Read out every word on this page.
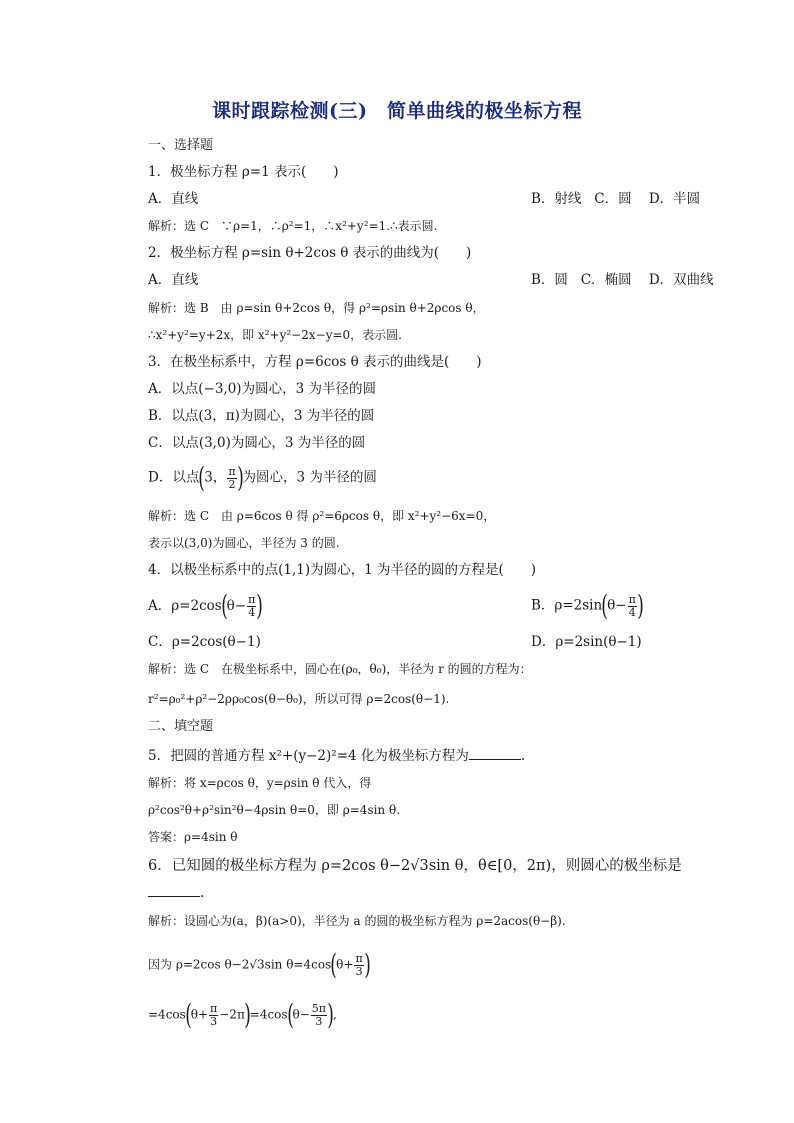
课时跟踪检测(三)　简单曲线的极坐标方程
一、选择题
1．极坐标方程 ρ=1 表示(　　)
A．直线	B．射线 C．圆 D．半圆
解析：选 C　∵ρ=1，∴ρ²=1，∴x²+y²=1.∴表示圆.
2．极坐标方程 ρ=sin θ+2cos θ 表示的曲线为(　　)
A．直线	B．圆 C．椭圆 D．双曲线
解析：选 B　由 ρ=sin θ+2cos θ，得 ρ²=ρsin θ+2ρcos θ，
∴x²+y²=y+2x，即 x²+y²−2x−y=0，表示圆.
3．在极坐标系中，方程 ρ=6cos θ 表示的曲线是(　　)
A．以点(−3,0)为圆心，3 为半径的圆
B．以点(3，π)为圆心，3 为半径的圆
C．以点(3,0)为圆心，3 为半径的圆
D．以点(3， $\frac{\pi}{2}$ )为圆心，3 为半径的圆
解析：选 C　由 ρ=6cos θ 得 ρ²=6ρcos θ，即 x²+y²−6x=0，
表示以(3,0)为圆心，半径为 3 的圆.
4．以极坐标系中的点(1,1)为圆心，1 为半径的圆的方程是(　　)
A．$\rho=2\cos(\theta- \frac{\pi}{4}$ )	B．$\rho=2\sin(\theta- \frac{\pi}{4}$ )
C．ρ=2cos(θ−1)	D．ρ=2sin(θ−1)
解析：选 C　在极坐标系中，圆心在(ρ₀，θ₀)，半径为 r 的圆的方程为：
r²=ρ₀²+ρ²−2ρρ₀cos(θ−θ₀)，所以可得 ρ=2cos(θ−1).
二、填空题
5．把圆的普通方程 x²+(y−2)²=4 化为极坐标方程为	.
解析：将 x=ρcos θ，y=ρsin θ 代入，得
ρ²cos²θ+ρ²sin²θ−4ρsin θ=0，即 ρ=4sin θ.
答案：ρ=4sin θ
6．已知圆的极坐标方程为 ρ=2cos θ−2√3sin θ，θ∈[0，2π)，则圆心的极坐标是
.
解析：设圆心为(a，β)(a>0)，半径为 a 的圆的极坐标方程为 ρ=2acos(θ−β).
因为 ρ=2cos θ−2√3sin $\theta=4\cos(\theta+ \frac{\pi}{3}$ )
$=4\cos(\theta+ \frac{\pi}{3} -2\pi)=4\cos(\theta- \frac{5\pi}{3}$ ),
